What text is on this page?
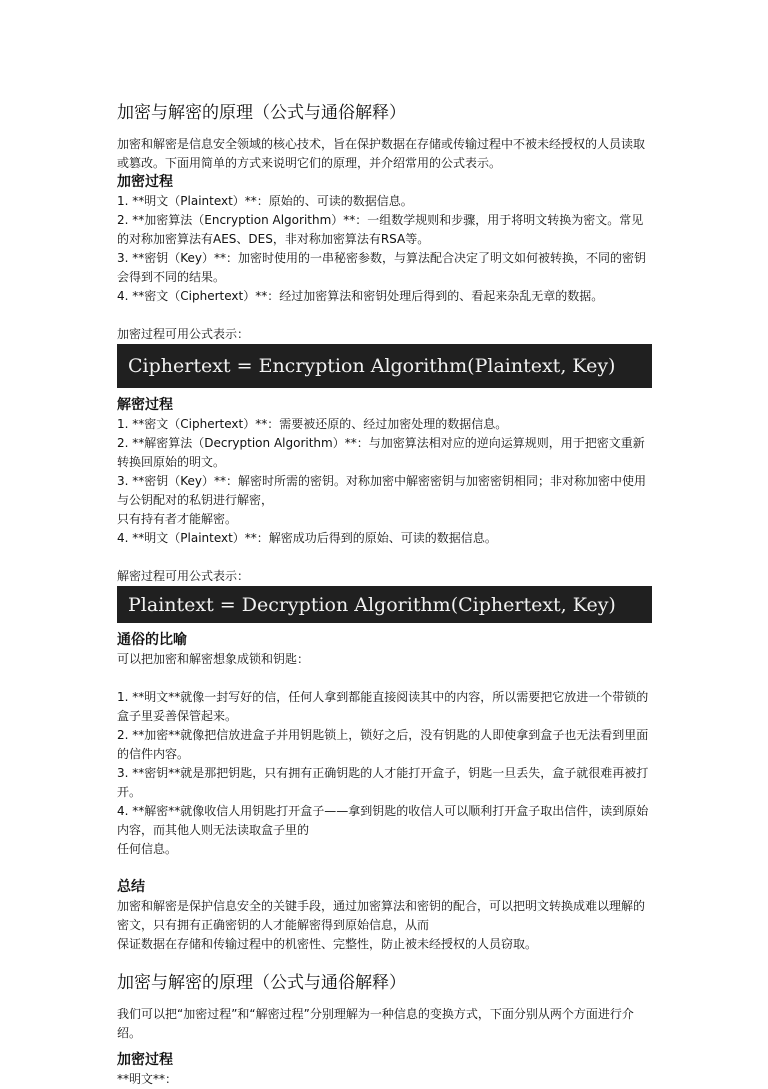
加密与解密的原理（公式与通俗解释）

加密和解密是信息安全领域的核心技术，旨在保护数据在存储或传输过程中不被未经授权的人员读取或篡改。下面用简单的方式来说明它们的原理，并介绍常用的公式表示。

加密过程

1. **明文（Plaintext）**：原始的、可读的数据信息。

2. **加密算法（Encryption Algorithm）**：一组数学规则和步骤，用于将明文转换为密文。常见的对称加密算法有AES、DES，非对称加密算法有RSA等。

3. **密钥（Key）**：加密时使用的一串秘密参数，与算法配合决定了明文如何被转换，不同的密钥会得到不同的结果。

4. **密文（Ciphertext）**：经过加密算法和密钥处理后得到的、看起来杂乱无章的数据。

加密过程可用公式表示：

Ciphertext = Encryption Algorithm(Plaintext, Key)
解密过程

1. **密文（Ciphertext）**：需要被还原的、经过加密处理的数据信息。

2. **解密算法（Decryption Algorithm）**：与加密算法相对应的逆向运算规则，用于把密文重新转换回原始的明文。

3. **密钥（Key）**：解密时所需的密钥。对称加密中解密密钥与加密密钥相同；非对称加密中使用与公钥配对的私钥进行解密，

只有持有者才能解密。

4. **明文（Plaintext）**：解密成功后得到的原始、可读的数据信息。

解密过程可用公式表示：

Plaintext = Decryption Algorithm(Ciphertext, Key)
通俗的比喻

可以把加密和解密想象成锁和钥匙：

1. **明文**就像一封写好的信，任何人拿到都能直接阅读其中的内容，所以需要把它放进一个带锁的盒子里妥善保管起来。

2. **加密**就像把信放进盒子并用钥匙锁上，锁好之后，没有钥匙的人即使拿到盒子也无法看到里面的信件内容。

3. **密钥**就是那把钥匙，只有拥有正确钥匙的人才能打开盒子，钥匙一旦丢失，盒子就很难再被打开。

4. **解密**就像收信人用钥匙打开盒子——拿到钥匙的收信人可以顺利打开盒子取出信件，读到原始内容，而其他人则无法读取盒子里的

任何信息。

总结

加密和解密是保护信息安全的关键手段，通过加密算法和密钥的配合，可以把明文转换成难以理解的密文，只有拥有正确密钥的人才能解密得到原始信息，从而

保证数据在存储和传输过程中的机密性、完整性，防止被未经授权的人员窃取。

加密与解密的原理（公式与通俗解释）

我们可以把“加密过程”和“解密过程”分别理解为一种信息的变换方式，下面分别从两个方面进行介绍。

加密过程

**明文**：
